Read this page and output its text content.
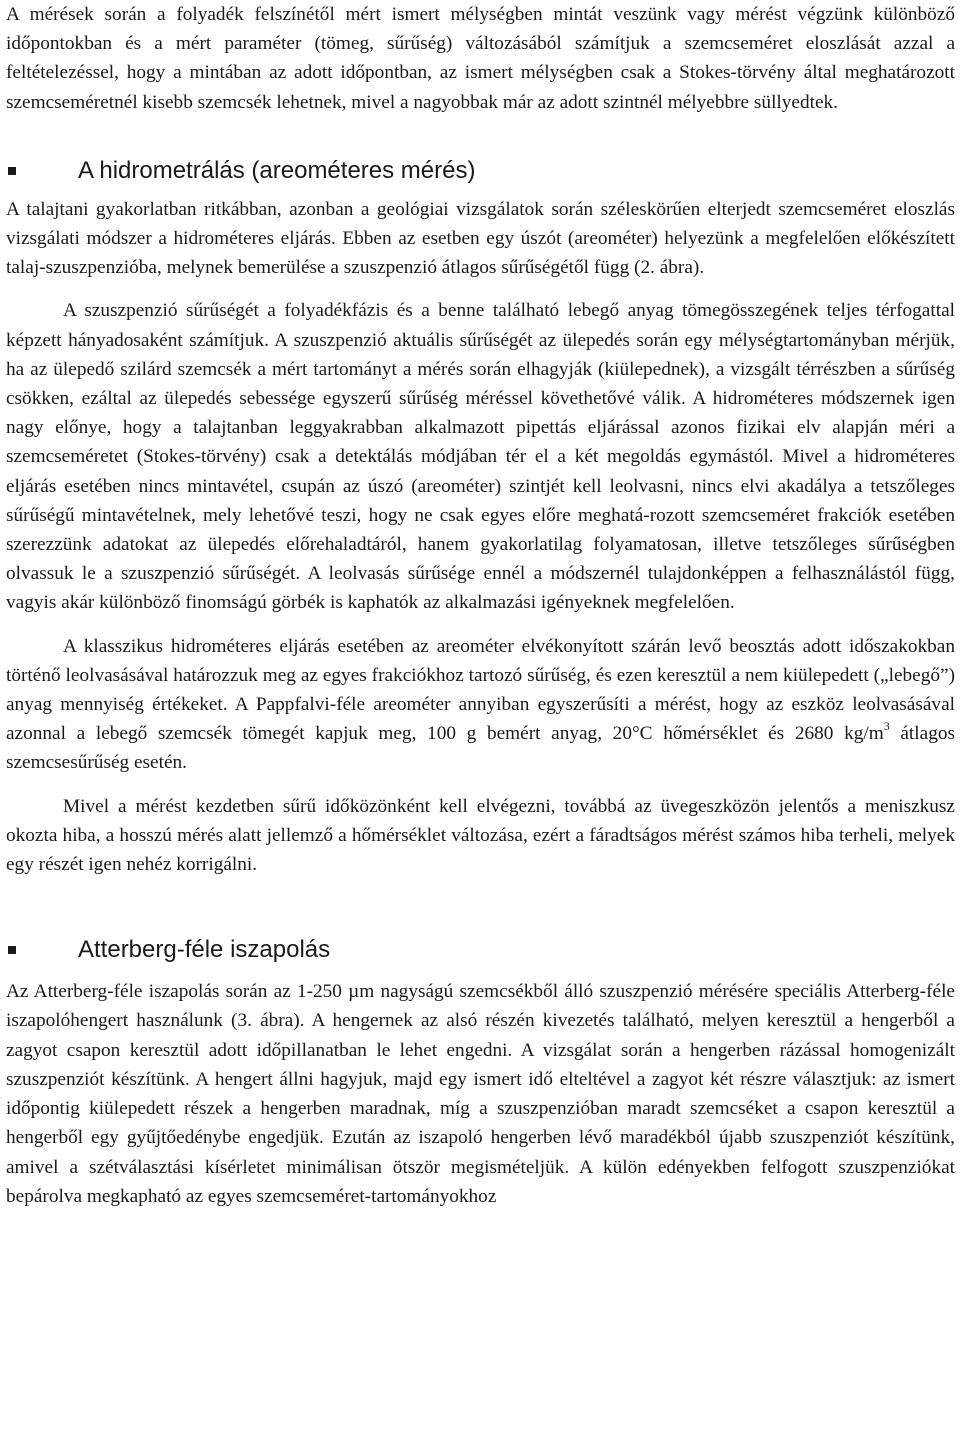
A mérések során a folyadék felszínétől mért ismert mélységben mintát veszünk vagy mérést végzünk különböző időpontokban és a mért paraméter (tömeg, sűrűség) változásából számítjuk a szemcseméret eloszlását azzal a feltételezéssel, hogy a mintában az adott időpontban, az ismert mélységben csak a Stokes-törvény által meghatározott szemcseméretnél kisebb szemcsék lehetnek, mivel a nagyobbak már az adott szintnél mélyebbre süllyedtek.

A hidrometrálás (areométeres mérés)

A talajtani gyakorlatban ritkábban, azonban a geológiai vizsgálatok során széleskörűen elterjedt szemcseméret eloszlás vizsgálati módszer a hidrométeres eljárás. Ebben az esetben egy úszót (areométer) helyezünk a megfelelően előkészített talaj-szuszpenzióba, melynek bemerülése a szuszpenzió átlagos sűrűségétől függ (2. ábra).

A szuszpenzió sűrűségét a folyadékfázis és a benne található lebegő anyag tömegösszegének teljes térfogattal képzett hányadosaként számítjuk. A szuszpenzió aktuális sűrűségét az ülepedés során egy mélységtartományban mérjük, ha az ülepedő szilárd szemcsék a mért tartományt a mérés során elhagyják (kiülepednek), a vizsgált térrészben a sűrűség csökken, ezáltal az ülepedés sebessége egyszerű sűrűség méréssel követhetővé válik. A hidrométeres módszernek igen nagy előnye, hogy a talajtanban leggyakrabban alkalmazott pipettás eljárással azonos fizikai elv alapján méri a szemcseméretet (Stokes-törvény) csak a detektálás módjában tér el a két megoldás egymástól. Mivel a hidrométeres eljárás esetében nincs mintavétel, csupán az úszó (areométer) szintjét kell leolvasni, nincs elvi akadálya a tetszőleges sűrűségű mintavételnek, mely lehetővé teszi, hogy ne csak egyes előre meghatá-rozott szemcseméret frakciók esetében szerezzünk adatokat az ülepedés előrehaladtáról, hanem gyakorlatilag folyamatosan, illetve tetszőleges sűrűségben olvassuk le a szuszpenzió sűrűségét. A leolvasás sűrűsége ennél a módszernél tulajdonképpen a felhasználástól függ, vagyis akár különböző finomságú görbék is kaphatók az alkalmazási igényeknek megfelelően.

A klasszikus hidrométeres eljárás esetében az areométer elvékonyított szárán levő beosztás adott időszakokban történő leolvasásával határozzuk meg az egyes frakciókhoz tartozó sűrűség, és ezen keresztül a nem kiülepedett („lebegő”) anyag mennyiség értékeket. A Pappfalvi-féle areométer annyiban egyszerűsíti a mérést, hogy az eszköz leolvasásával azonnal a lebegő szemcsék tömegét kapjuk meg, 100 g bemért anyag, 20°C hőmérséklet és 2680 $kg/m^3$ átlagos szemcsesűrűség esetén.

Mivel a mérést kezdetben sűrű időközönként kell elvégezni, továbbá az üvegeszközön jelentős a meniszkusz okozta hiba, a hosszú mérés alatt jellemző a hőmérséklet változása, ezért a fáradtságos mérést számos hiba terheli, melyek egy részét igen nehéz korrigálni.

Atterberg-féle iszapolás

Az Atterberg-féle iszapolás során az 1-250 µm nagyságú szemcsékből álló szuszpenzió mérésére speciális Atterberg-féle iszapolóhengert használunk (3. ábra). A hengernek az alsó részén kivezetés található, melyen keresztül a hengerből a zagyot csapon keresztül adott időpillanatban le lehet engedni. A vizsgálat során a hengerben rázással homogenizált szuszpenziót készítünk. A hengert állni hagyjuk, majd egy ismert idő elteltével a zagyot két részre választjuk: az ismert időpontig kiülepedett részek a hengerben maradnak, míg a szuszpenzióban maradt szemcséket a csapon keresztül a hengerből egy gyűjtőedénybe engedjük. Ezután az iszapoló hengerben lévő maradékból újabb szuszpenziót készítünk, amivel a szétválasztási kísérletet minimálisan ötször megismételjük. A külön edényekben felfogott szuszpenziókat bepárolva megkapható az egyes szemcseméret-tartományokhoz
